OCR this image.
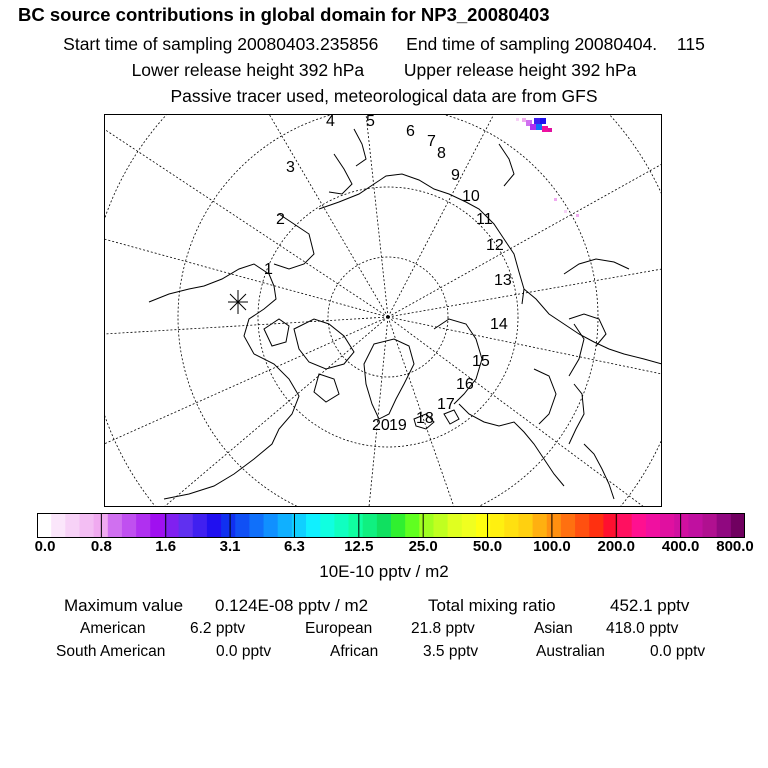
BC source contributions in global domain for NP3_20080403
Start time of sampling 20080403.235856 End time of sampling 20080404. 115
Lower release height 392 hPa Upper release height 392 hPa
Passive tracer used, meteorological data are from GFS
1
2
3
4 5
6
7
8
9
10
11
12
13
14
15
16
17
18
19
20
0.0 0.8	1.6	3.1	6.3	12.5 25.0 50.0 100.0 200.0 400.0 800.0
10E-10 pptv / m2
Maximum value 0.124E-08 pptv / m2	Total mixing ratio	452.1 pptv
American	6.2 pptv	European	21.8 pptv	Asian 418.0 pptv
South American	0.0 pptv	African	3.5 pptv	Australian	0.0 pptv
